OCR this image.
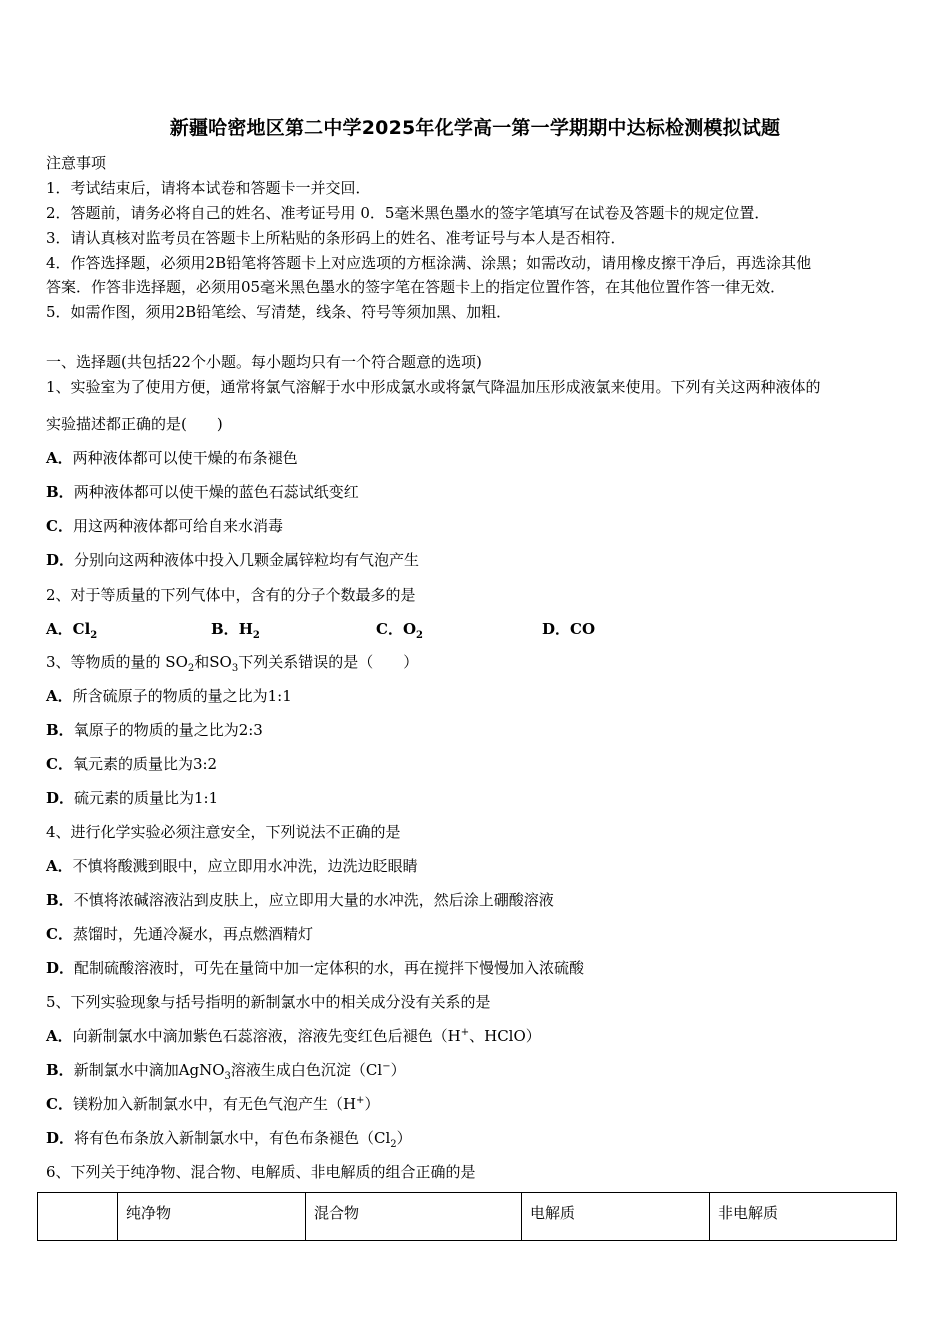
新疆哈密地区第二中学2025年化学高一第一学期期中达标检测模拟试题
注意事项
1．考试结束后，请将本试卷和答题卡一并交回．
2．答题前，请务必将自己的姓名、准考证号用 0．5毫米黑色墨水的签字笔填写在试卷及答题卡的规定位置．
3．请认真核对监考员在答题卡上所粘贴的条形码上的姓名、准考证号与本人是否相符．
4．作答选择题，必须用2B铅笔将答题卡上对应选项的方框涂满、涂黑；如需改动，请用橡皮擦干净后，再选涂其他
答案．作答非选择题，必须用05毫米黑色墨水的签字笔在答题卡上的指定位置作答，在其他位置作答一律无效．
5．如需作图，须用2B铅笔绘、写清楚，线条、符号等须加黑、加粗．
一、选择题(共包括22个小题。每小题均只有一个符合题意的选项)
1、实验室为了使用方便，通常将氯气溶解于水中形成氯水或将氯气降温加压形成液氯来使用。下列有关这两种液体的
实验描述都正确的是(　　)
A．两种液体都可以使干燥的布条褪色
B．两种液体都可以使干燥的蓝色石蕊试纸变红
C．用这两种液体都可给自来水消毒
D．分别向这两种液体中投入几颗金属锌粒均有气泡产生
2、对于等质量的下列气体中，含有的分子个数最多的是
A．$Cl_2$	B．$H_2$	C．$O_2$	D．CO
3、等物质的量的 $SO_2$和$SO_3$下列关系错误的是（　　）
A．所含硫原子的物质的量之比为1:1
B．氧原子的物质的量之比为2:3
C．氧元素的质量比为3:2
D．硫元素的质量比为1:1
4、进行化学实验必须注意安全，下列说法不正确的是
A．不慎将酸溅到眼中，应立即用水冲洗，边洗边眨眼睛
B．不慎将浓碱溶液沾到皮肤上，应立即用大量的水冲洗，然后涂上硼酸溶液
C．蒸馏时，先通冷凝水，再点燃酒精灯
D．配制硫酸溶液时，可先在量筒中加一定体积的水，再在搅拌下慢慢加入浓硫酸
5、下列实验现象与括号指明的新制氯水中的相关成分没有关系的是
A．向新制氯水中滴加紫色石蕊溶液，溶液先变红色后褪色（H+、HClO）
B．新制氯水中滴加AgNO$_3$溶液生成白色沉淀（Cl−）
C．镁粉加入新制氯水中，有无色气泡产生（H+）
D．将有色布条放入新制氯水中，有色布条褪色$(Cl_2)$
6、下列关于纯净物、混合物、电解质、非电解质的组合正确的是
	纯净物	混合物	电解质	非电解质
